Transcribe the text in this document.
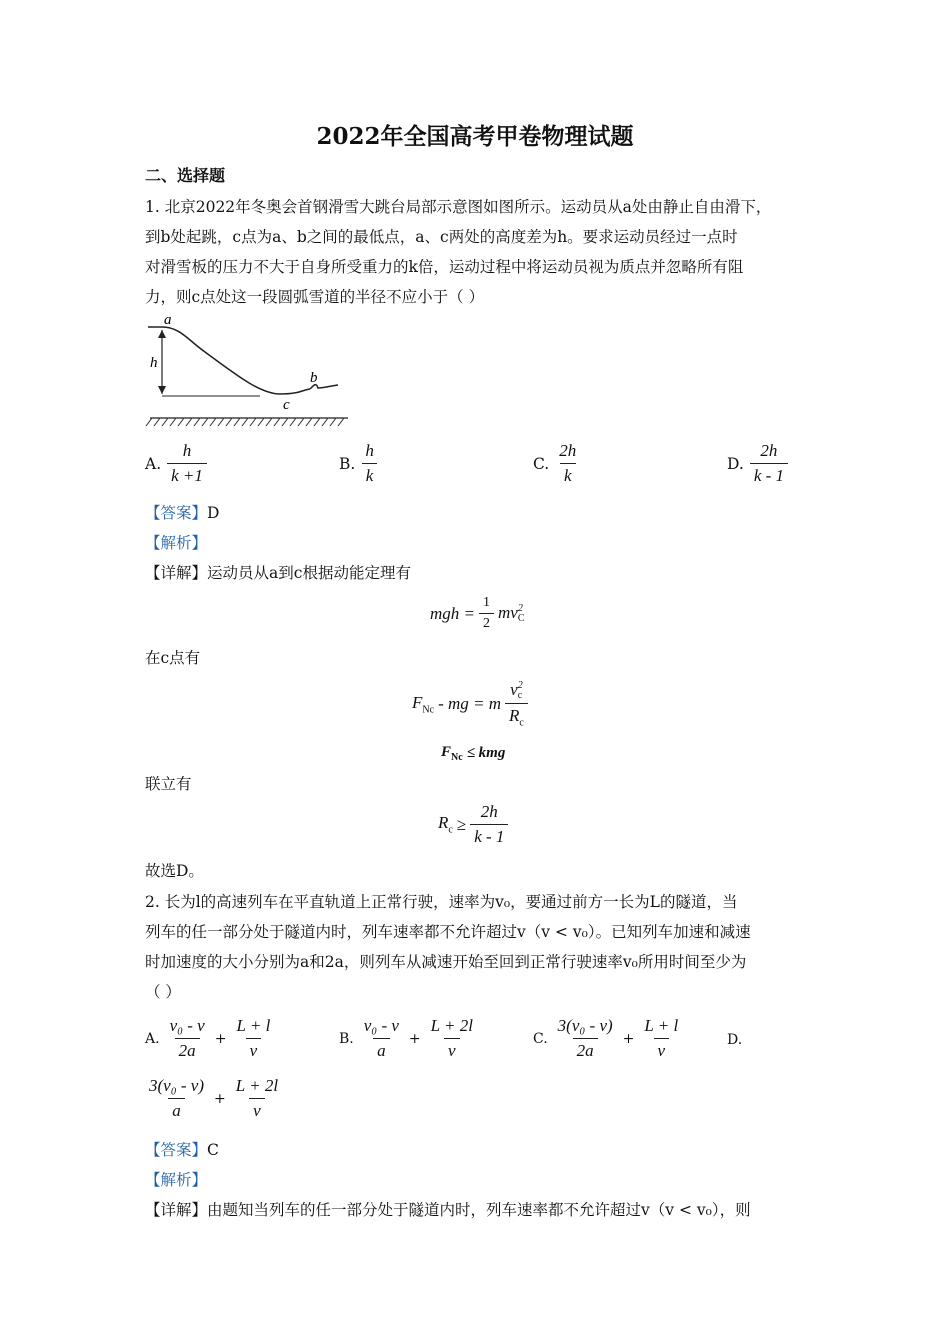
2022年全国高考甲卷物理试题
二、选择题
1. 北京2022年冬奥会首钢滑雪大跳台局部示意图如图所示。运动员从a处由静止自由滑下，
到b处起跳，c点为a、b之间的最低点，a、c两处的高度差为h。要求运动员经过一点时
对滑雪板的压力不大于自身所受重力的k倍，运动过程中将运动员视为质点并忽略所有阻
力，则c点处这一段圆弧雪道的半径不应小于（ ）
a
h
b
c
A. $\frac{h}{k +1}$	B. $\frac{h}{k}$	C. $\frac{2h}{k}$	D. $\frac{2h}{k - 1}$
【答案】D
【解析】
【详解】运动员从a到c根据动能定理有
mgh = $\frac{1}{2}$ mv 2
C
在c点有
$F_{Nc}$ - mg = m v 2
c
$R_c$
$F_{Nc}$ ≤ kmg
联立有
$R_c \ge \frac{2h}{k - 1}$
故选D。
2. 长为l的高速列车在平直轨道上正常行驶，速率为v₀，要通过前方一长为L的隧道，当
列车的任一部分处于隧道内时，列车速率都不允许超过v（v < v₀）。已知列车加速和减速
时加速度的大小分别为a和2a，则列车从减速开始至回到正常行驶速率v₀所用时间至少为
（ ）
A. $\frac{\text{v₀ - v}}{2a} + \frac{L + l}{v}$	B. $\frac{\text{v₀ - v}}{a} + \frac{L + 2l}{v}$	C. $\frac{\text{3(v₀ - v)}}{2a} + \frac{L + l}{v}$	D.
$\frac{\text{3(v₀ - v)}}{a} + \frac{L + 2l}{v}$
【答案】C
【解析】
【详解】由题知当列车的任一部分处于隧道内时，列车速率都不允许超过v（v < v₀），则
